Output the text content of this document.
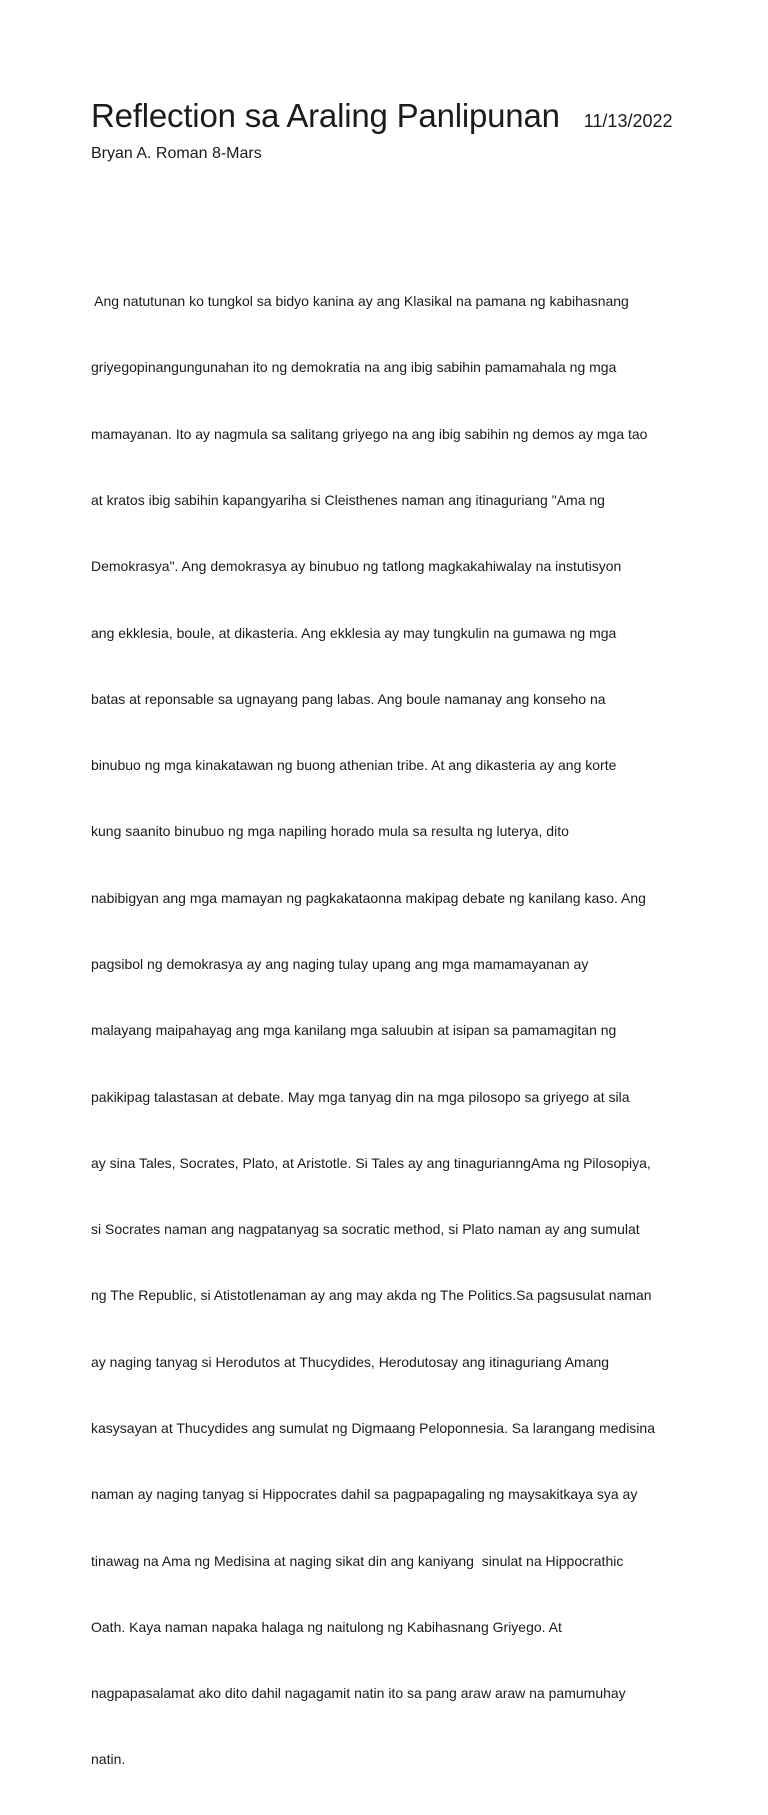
Reflection sa Araling Panlipunan 11/13/2022
Bryan A. Roman 8-Mars

Ang natutunan ko tungkol sa bidyo kanina ay ang Klasikal na pamana ng kabihasnang

griyegopinangungunahan ito ng demokratia na ang ibig sabihin pamamahala ng mga

mamayanan. Ito ay nagmula sa salitang griyego na ang ibig sabihin ng demos ay mga tao

at kratos ibig sabihin kapangyariha si Cleisthenes naman ang itinaguriang "Ama ng

Demokrasya". Ang demokrasya ay binubuo ng tatlong magkakahiwalay na instutisyon

ang ekklesia, boule, at dikasteria. Ang ekklesia ay may tungkulin na gumawa ng mga

batas at reponsable sa ugnayang pang labas. Ang boule namanay ang konseho na

binubuo ng mga kinakatawan ng buong athenian tribe. At ang dikasteria ay ang korte

kung saanito binubuo ng mga napiling horado mula sa resulta ng luterya, dito

nabibigyan ang mga mamayan ng pagkakataonna makipag debate ng kanilang kaso. Ang

pagsibol ng demokrasya ay ang naging tulay upang ang mga mamamayanan ay

malayang maipahayag ang mga kanilang mga saluubin at isipan sa pamamagitan ng

pakikipag talastasan at debate. May mga tanyag din na mga pilosopo sa griyego at sila

ay sina Tales, Socrates, Plato, at Aristotle. Si Tales ay ang tinagurianngAma ng Pilosopiya,

si Socrates naman ang nagpatanyag sa socratic method, si Plato naman ay ang sumulat

ng The Republic, si Atistotlenaman ay ang may akda ng The Politics.Sa pagsusulat naman

ay naging tanyag si Herodutos at Thucydides, Herodutosay ang itinaguriang Amang

kasysayan at Thucydides ang sumulat ng Digmaang Peloponnesia. Sa larangang medisina

naman ay naging tanyag si Hippocrates dahil sa pagpapagaling ng maysakitkaya sya ay

tinawag na Ama ng Medisina at naging sikat din ang kaniyang  sinulat na Hippocrathic

Oath. Kaya naman napaka halaga ng naitulong ng Kabihasnang Griyego. At

nagpapasalamat ako dito dahil nagagamit natin ito sa pang araw araw na pamumuhay

natin.
